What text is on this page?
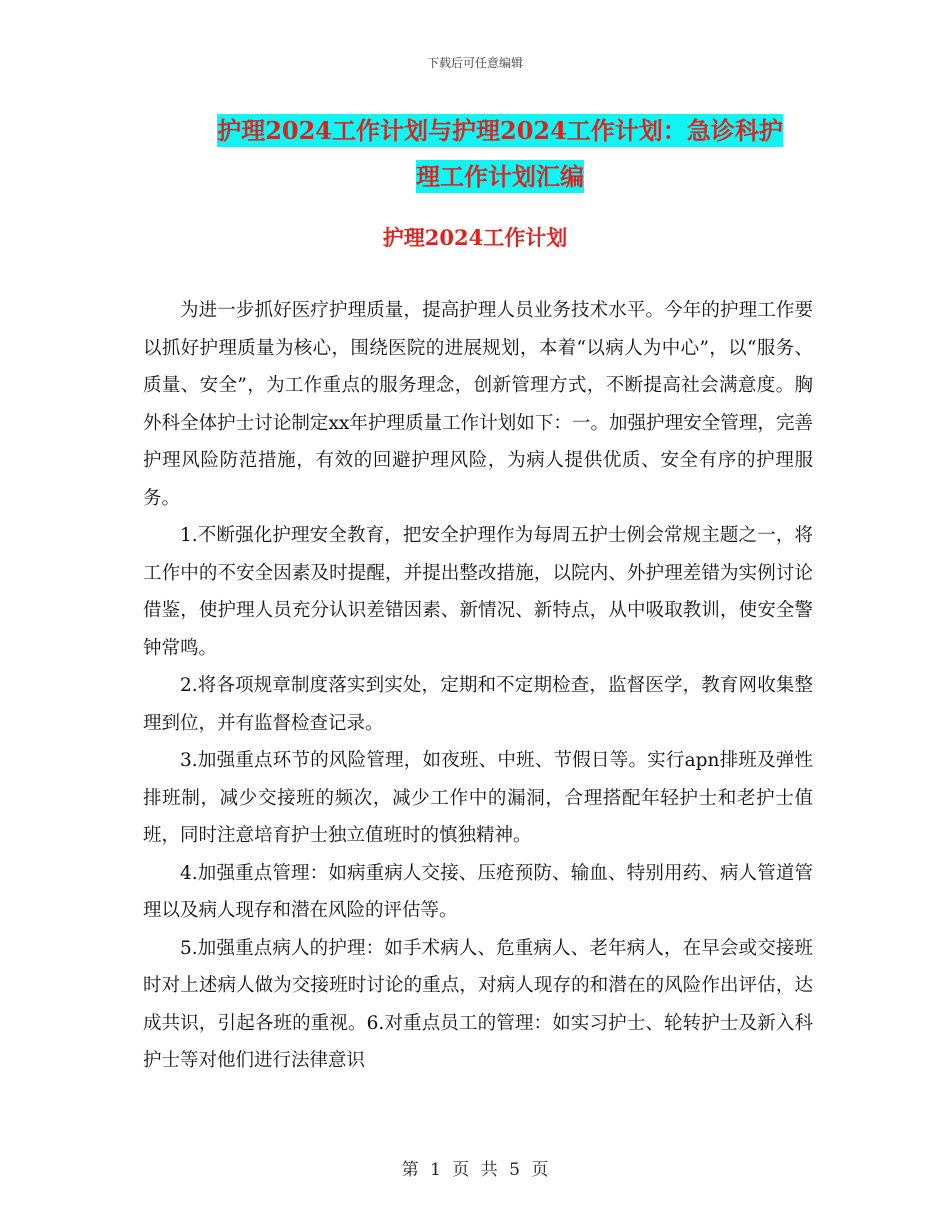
下载后可任意编辑
护理2024工作计划与护理2024工作计划：急诊科护
理工作计划汇编
护理2024工作计划

为进一步抓好医疗护理质量，提高护理人员业务技术水平。今年的护理工作要以抓好护理质量为核心，围绕医院的进展规划，本着“以病人为中心”，以“服务、质量、安全”，为工作重点的服务理念，创新管理方式，不断提高社会满意度。胸外科全体护士讨论制定xx年护理质量工作计划如下：一。加强护理安全管理，完善护理风险防范措施，有效的回避护理风险，为病人提供优质、安全有序的护理服务。

1.不断强化护理安全教育，把安全护理作为每周五护士例会常规主题之一，将工作中的不安全因素及时提醒，并提出整改措施，以院内、外护理差错为实例讨论借鉴，使护理人员充分认识差错因素、新情况、新特点，从中吸取教训，使安全警钟常鸣。

2.将各项规章制度落实到实处，定期和不定期检查，监督医学，教育网收集整理到位，并有监督检查记录。

3.加强重点环节的风险管理，如夜班、中班、节假日等。实行apn排班及弹性排班制，减少交接班的频次，减少工作中的漏洞，合理搭配年轻护士和老护士值班，同时注意培育护士独立值班时的慎独精神。

4.加强重点管理：如病重病人交接、压疮预防、输血、特别用药、病人管道管理以及病人现存和潜在风险的评估等。

5.加强重点病人的护理：如手术病人、危重病人、老年病人，在早会或交接班时对上述病人做为交接班时讨论的重点，对病人现存的和潜在的风险作出评估，达成共识，引起各班的重视。6.对重点员工的管理：如实习护士、轮转护士及新入科护士等对他们进行法律意识

第 1 页 共 5 页
